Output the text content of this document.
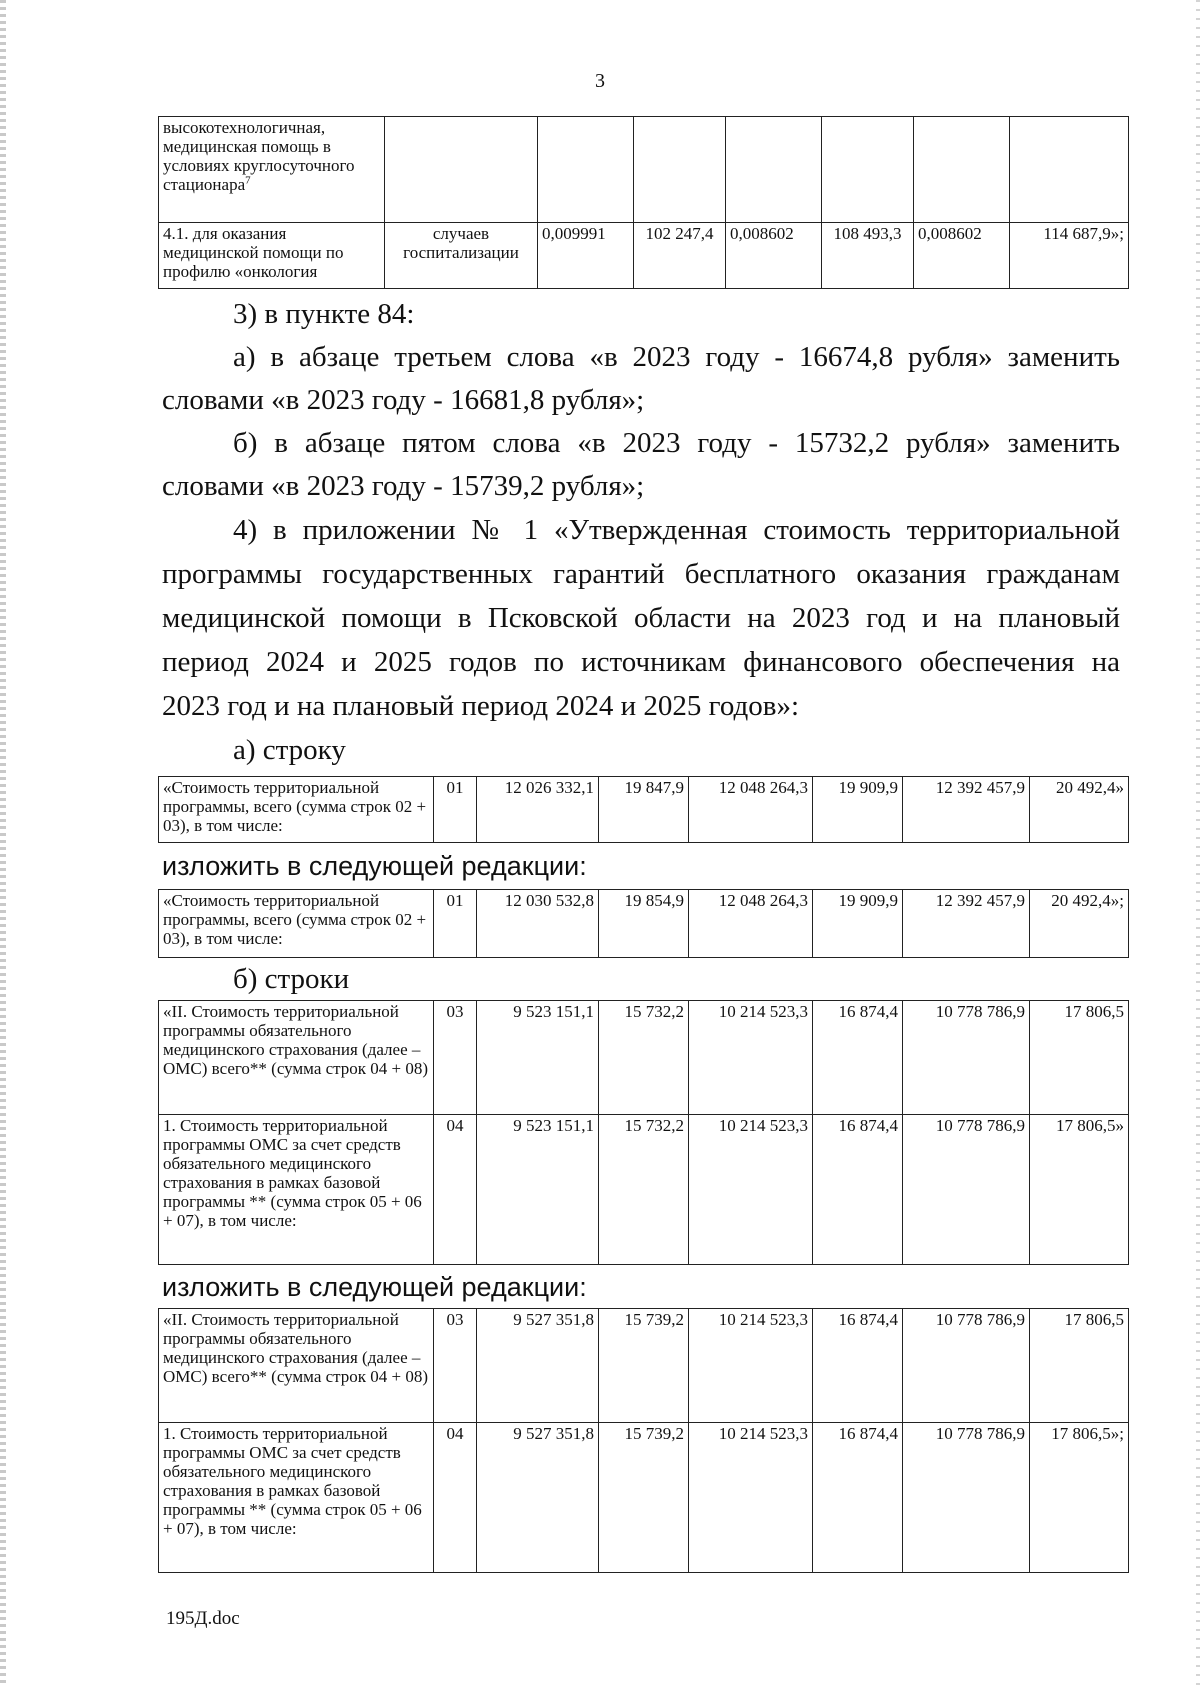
3
высокотехнологичная, медицинская помощь в условиях круглосуточного стационара$^7$							
4.1. для оказания медицинской помощи по профилю «онкология	случаев госпитализации	0,009991	102 247,4	0,008602	108 493,3	0,008602	114 687,9»;

3) в пункте 84:

а) в абзаце третьем слова «в 2023 году - 16674,8 рубля» заменить

словами «в 2023 году - 16681,8 рубля»;

б) в абзаце пятом слова «в 2023 году - 15732,2 рубля» заменить

словами «в 2023 году - 15739,2 рубля»;

4) в приложении № 1 «Утвержденная стоимость территориальной

программы государственных гарантий бесплатного оказания гражданам

медицинской помощи в Псковской области на 2023 год и на плановый

период 2024 и 2025 годов по источникам финансового обеспечения на

2023 год и на плановый период 2024 и 2025 годов»:

а) строку

«Стоимость территориальной программы, всего (сумма строк 02 + 03), в том числе:	01	12 026 332,1	19 847,9	12 048 264,3	19 909,9	12 392 457,9	20 492,4»

изложить в следующей редакции:

«Стоимость территориальной программы, всего (сумма строк 02 + 03), в том числе:	01	12 030 532,8	19 854,9	12 048 264,3	19 909,9	12 392 457,9	20 492,4»;

б) строки

«II. Стоимость территориальной программы обязательного медицинского страхования (далее – ОМС) всего** (сумма строк 04 + 08)	03	9 523 151,1	15 732,2	10 214 523,3	16 874,4	10 778 786,9	17 806,5
1. Стоимость территориальной программы ОМС за счет средств обязательного медицинского страхования в рамках базовой программы ** (сумма строк 05 + 06 + 07), в том числе:	04	9 523 151,1	15 732,2	10 214 523,3	16 874,4	10 778 786,9	17 806,5»

изложить в следующей редакции:

«II. Стоимость территориальной программы обязательного медицинского страхования (далее – ОМС) всего** (сумма строк 04 + 08)	03	9 527 351,8	15 739,2	10 214 523,3	16 874,4	10 778 786,9	17 806,5
1. Стоимость территориальной программы ОМС за счет средств обязательного медицинского страхования в рамках базовой программы ** (сумма строк 05 + 06 + 07), в том числе:	04	9 527 351,8	15 739,2	10 214 523,3	16 874,4	10 778 786,9	17 806,5»;
195Д.doc
